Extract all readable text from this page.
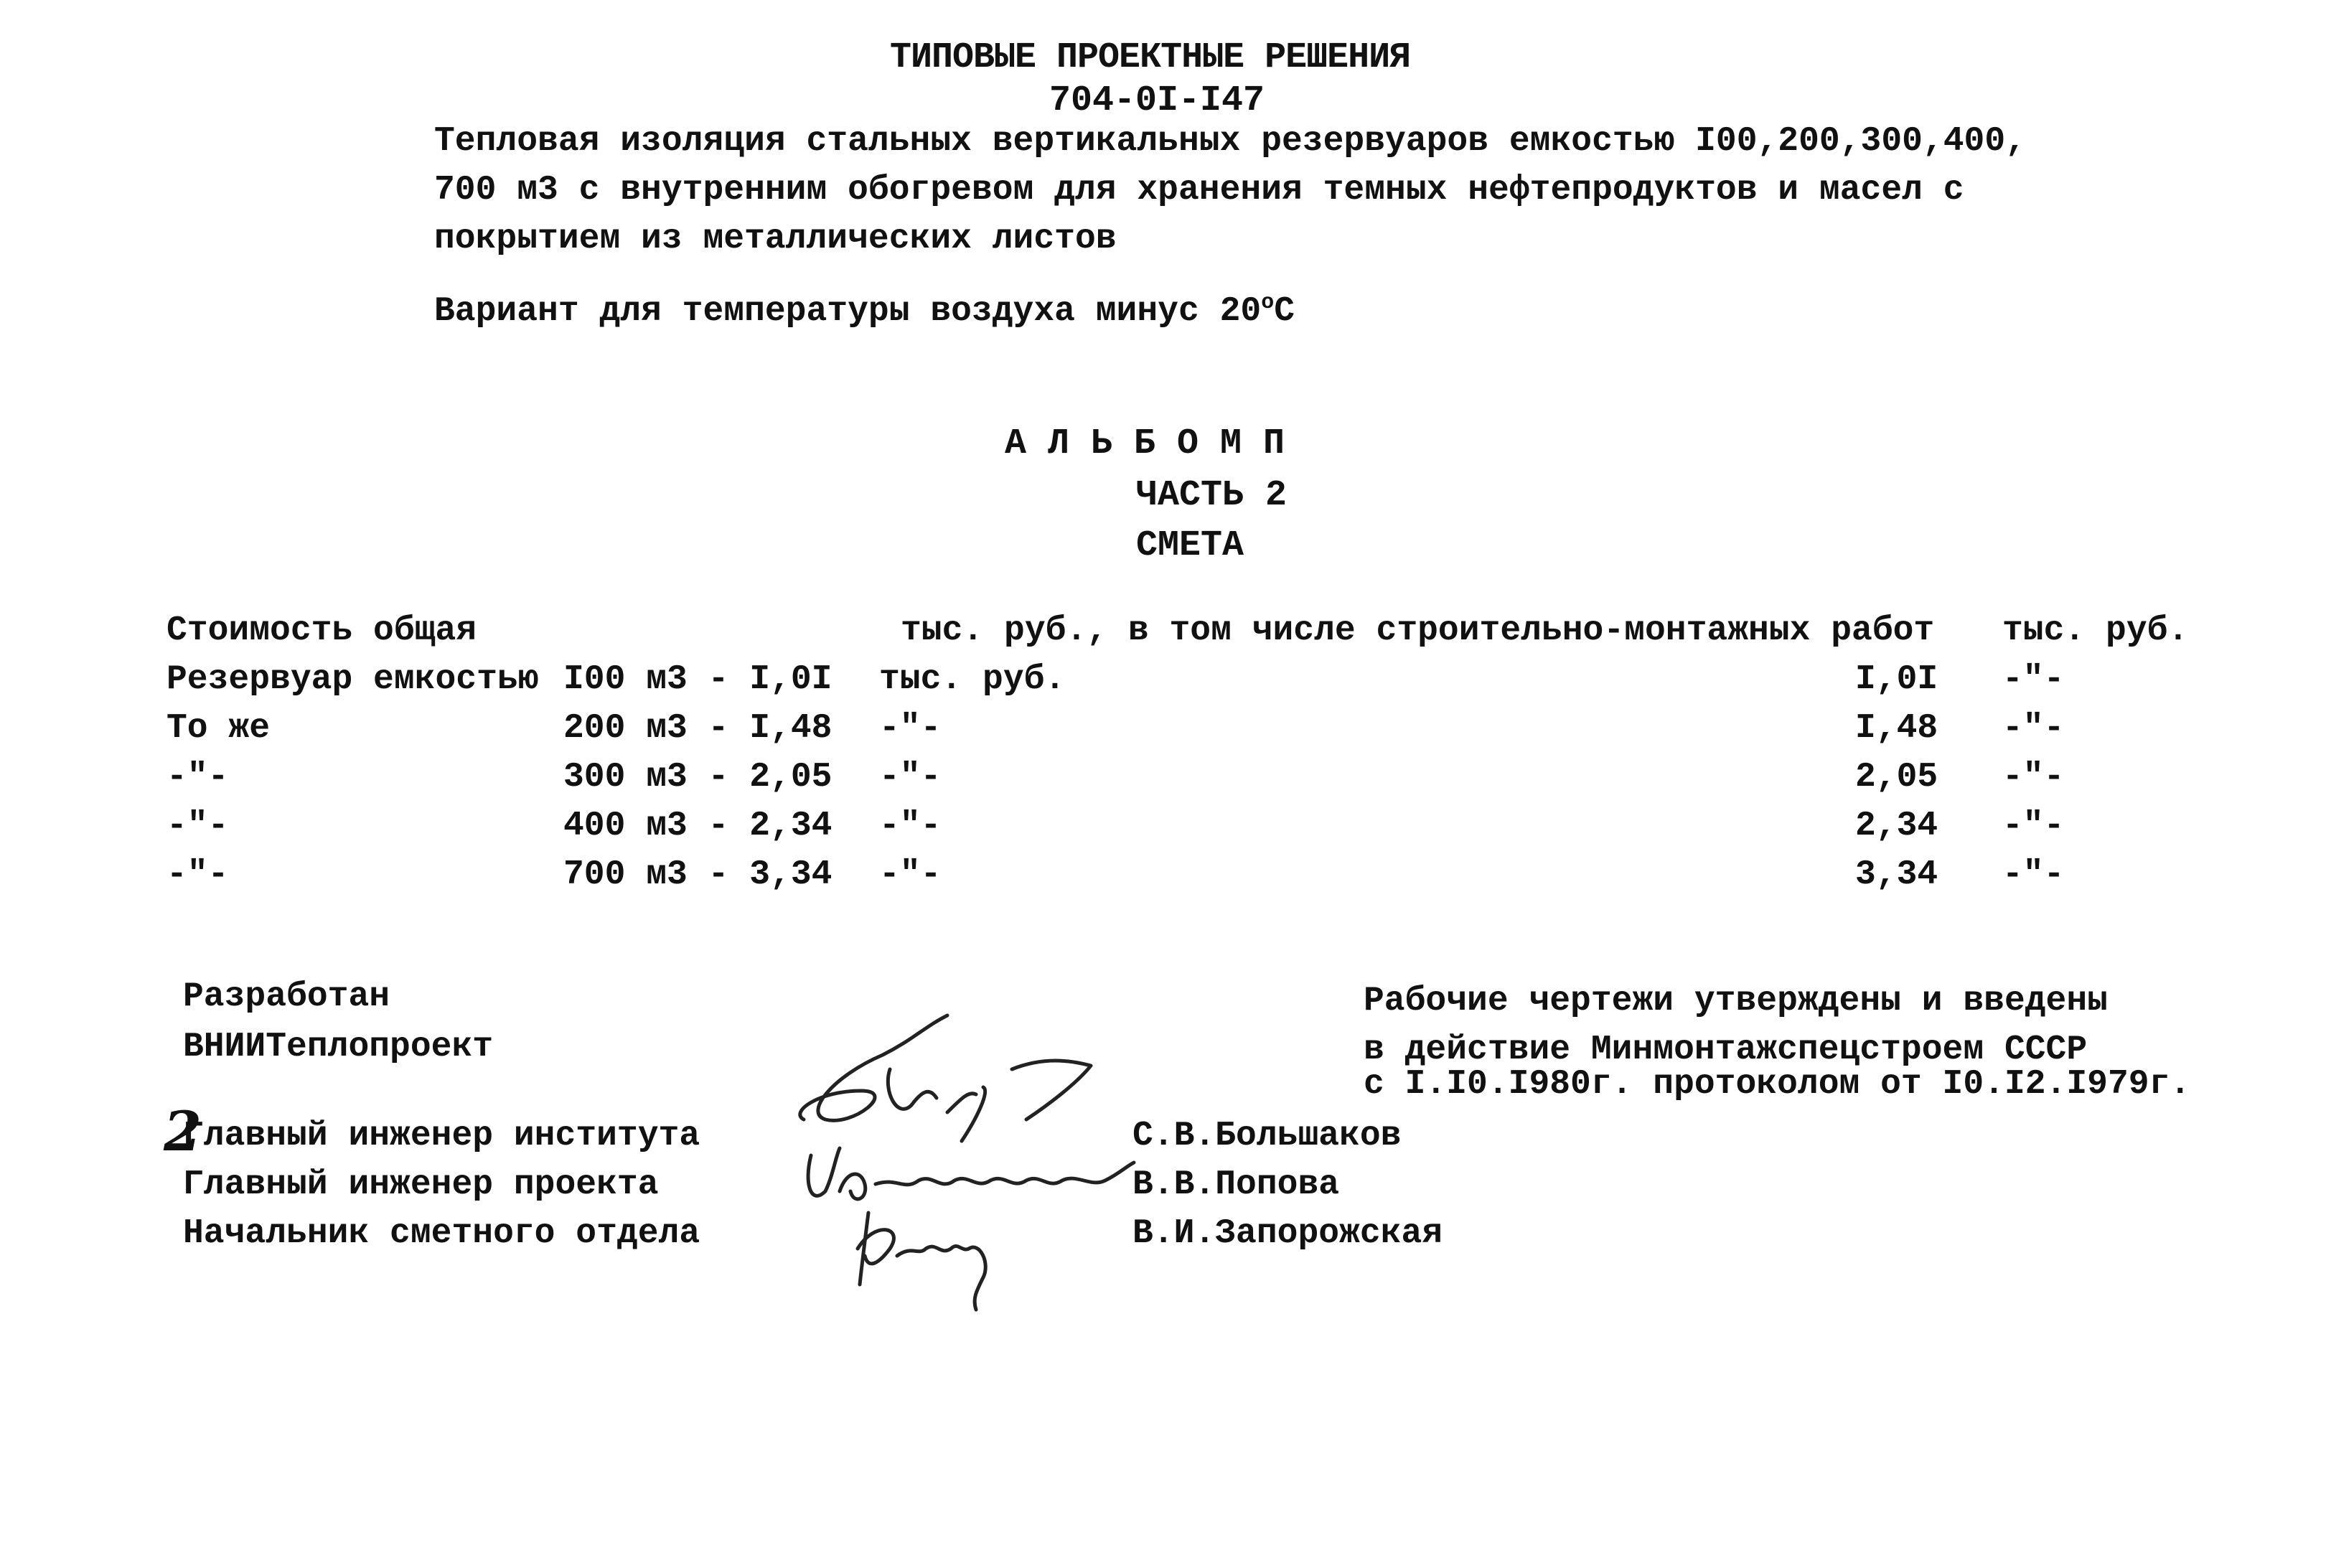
ТИПОВЫЕ ПРОЕКТНЫЕ РЕШЕНИЯ
704-0I-I47
Тепловая изоляция стальных вертикальных резервуаров емкостью I00,200,300,400,
700 м3 с внутренним обогревом для хранения темных нефтепродуктов и масел с
покрытием из металлических листов
Вариант для температуры воздуха минус $20^оС$
А Л Ь Б О М П
ЧАСТЬ 2
СМЕТА
Стоимость общая	тыс. руб., в том числе строительно-монтажных работ тыс. руб.
Резервуар емкостью I00 м3 - I,0I тыс. руб.	I,0I -"-
То же	200 м3 - I,48 -"-	I,48 -"-
-"-	300 м3 - 2,05 -"-	2,05 -"-
-"-	400 м3 - 2,34 -"-	2,34 -"-
-"-	700 м3 - 3,34 -"-	3,34 -"-
Разработан
ВНИИТеплопроект
Рабочие чертежи утверждены и введены
в действие Минмонтажспецстроем СССР
с I.I0.I980г. протоколом от I0.I2.I979г.
2
Главный инженер института	С.В.Большаков
Главный инженер проекта	В.В.Попова
Начальник сметного отдела	В.И.Запорожская
